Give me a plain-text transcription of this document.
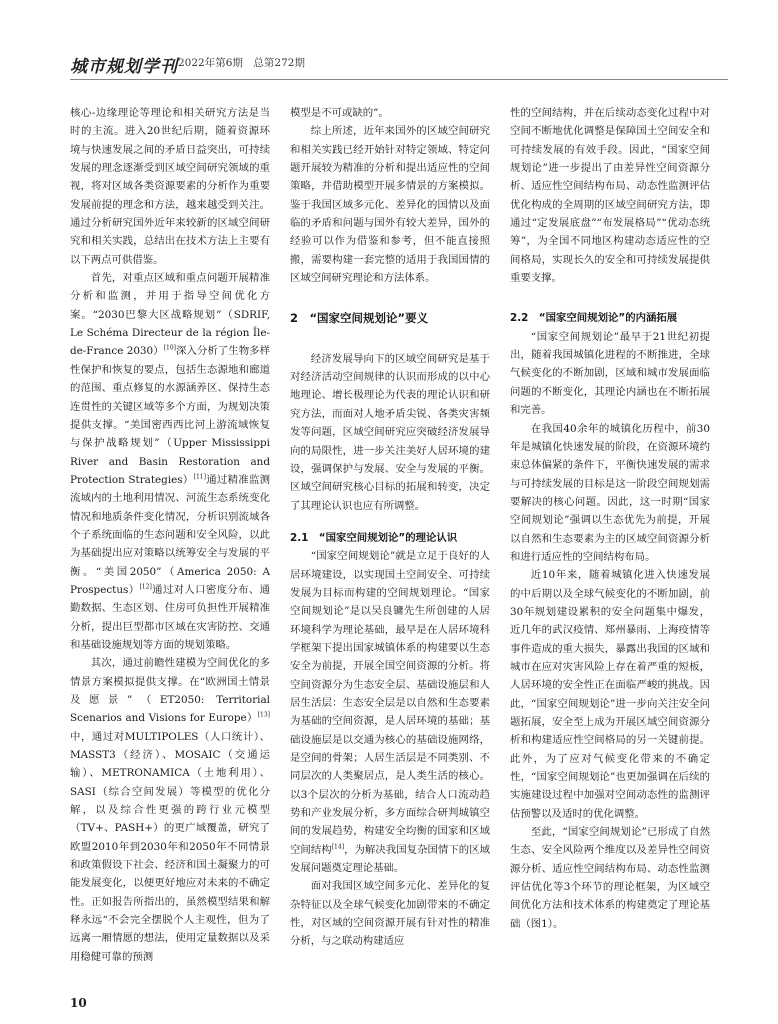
城市规划学刊 2022年第6期　总第272期

核心-边缘理论等理论和相关研究方法是当时的主流。进入20世纪后期，随着资源环境与快速发展之间的矛盾日益突出，可持续发展的理念逐渐受到区域空间研究领域的重视，将对区域各类资源要素的分析作为重要发展前提的理念和方法，越来越受到关注。通过分析研究国外近年来较新的区域空间研究和相关实践，总结出在技术方法上主要有以下两点可供借鉴。

首先，对重点区域和重点问题开展精准分析和监测，并用于指导空间优化方案。“2030巴黎大区战略规划”（SDRIF, Le Schéma Directeur de la région Île-de-France 2030）[10]深入分析了生物多样性保护和恢复的要点，包括生态源地和廊道的范围、重点修复的水源涵养区、保持生态连贯性的关键区域等多个方面，为规划决策提供支撑。“美国密西西比河上游流域恢复与保护战略规划”（Upper Mississippi River and Basin Restoration and Protection Strategies）[11]通过精准监测流域内的土地利用情况、河流生态系统变化情况和地质条件变化情况，分析识别流域各个子系统面临的生态问题和安全风险，以此为基础提出应对策略以统筹安全与发展的平衡。“美国2050”（America 2050: A Prospectus）[12]通过对人口密度分布、通勤数据、生态区划、住房可负担性开展精准分析，提出巨型都市区域在灾害防控、交通和基础设施规划等方面的规划策略。

其次，通过前瞻性建模为空间优化的多情景方案模拟提供支撑。在“欧洲国土情景及愿景”（ET2050: Territorial Scenarios and Visions for Europe）[13]中，通过对MULTIPOLES（人口统计）、MASST3（经济）、MOSAIC（交通运输）、METRONAMICA（土地利用）、SASI（综合空间发展）等模型的优化分解，以及综合性更强的跨行业元模型（TV+、PASH+）的更广域覆盖，研究了欧盟2010年到2030年和2050年不同情景和政策假设下社会、经济和国土凝聚力的可能发展变化，以便更好地应对未来的不确定性。正如报告所指出的，虽然模型结果和解释永远“不会完全摆脱个人主观性，但为了远离一厢情愿的想法，使用定量数据以及采用稳健可靠的预测

模型是不可或缺的”。

综上所述，近年来国外的区域空间研究和相关实践已经开始针对特定领域、特定问题开展较为精准的分析和提出适应性的空间策略，并借助模型开展多情景的方案模拟。鉴于我国区域多元化、差异化的国情以及面临的矛盾和问题与国外有较大差异，国外的经验可以作为借鉴和参考，但不能直接照搬，需要构建一套完整的适用于我国国情的区域空间研究理论和方法体系。

2　“国家空间规划论”要义

经济发展导向下的区域空间研究是基于对经济活动空间规律的认识而形成的以中心地理论、增长极理论为代表的理论认识和研究方法，而面对人地矛盾尖锐、各类灾害频发等问题，区域空间研究应突破经济发展导向的局限性，进一步关注美好人居环境的建设，强调保护与发展、安全与发展的平衡。区域空间研究核心目标的拓展和转变，决定了其理论认识也应有所调整。

2.1　“国家空间规划论”的理论认识

“国家空间规划论”就是立足于良好的人居环境建设，以实现国土空间安全、可持续发展为目标而构建的空间规划理论。“国家空间规划论”是以吴良镛先生所创建的人居环境科学为理论基础，最早是在人居环境科学框架下提出国家城镇体系的构建要以生态安全为前提，开展全国空间资源的分析。将空间资源分为生态安全层、基础设施层和人居生活层：生态安全层是以自然和生态要素为基础的空间资源，是人居环境的基础；基础设施层是以交通为核心的基础设施网络，是空间的骨架；人居生活层是不同类别、不同层次的人类聚居点，是人类生活的核心。以3个层次的分析为基础，结合人口流动趋势和产业发展分析，多方面综合研判城镇空间的发展趋势，构建安全均衡的国家和区域空间结构[14]，为解决我国复杂国情下的区域发展问题奠定理论基础。

面对我国区域空间多元化、差异化的复杂特征以及全球气候变化加剧带来的不确定性，对区域的空间资源开展有针对性的精准分析，与之联动构建适应

性的空间结构，并在后续动态变化过程中对空间不断地优化调整是保障国土空间安全和可持续发展的有效手段。因此，“国家空间规划论”进一步提出了由差异性空间资源分析、适应性空间结构布局、动态性监测评估优化构成的全周期的区域空间研究方法，即通过“定发展底盘”“布发展格局”“优动态统筹”，为全国不同地区构建动态适应性的空间格局，实现长久的安全和可持续发展提供重要支撑。

2.2　“国家空间规划论”的内涵拓展

“国家空间规划论”最早于21世纪初提出，随着我国城镇化进程的不断推进，全球气候变化的不断加剧，区域和城市发展面临问题的不断变化，其理论内涵也在不断拓展和完善。

在我国40余年的城镇化历程中，前30年是城镇化快速发展的阶段，在资源环境约束总体偏紧的条件下，平衡快速发展的需求与可持续发展的目标是这一阶段空间规划需要解决的核心问题。因此，这一时期“国家空间规划论”强调以生态优先为前提，开展以自然和生态要素为主的区域空间资源分析和进行适应性的空间结构布局。

近10年来，随着城镇化进入快速发展的中后期以及全球气候变化的不断加剧，前30年规划建设累积的安全问题集中爆发，近几年的武汉疫情、郑州暴雨、上海疫情等事件造成的重大损失，暴露出我国的区域和城市在应对灾害风险上存在着严重的短板，人居环境的安全性正在面临严峻的挑战。因此，“国家空间规划论”进一步向关注安全问题拓展，安全至上成为开展区域空间资源分析和构建适应性空间格局的另一关键前提。此外，为了应对气候变化带来的不确定性，“国家空间规划论”也更加强调在后续的实施建设过程中加强对空间动态性的监测评估预警以及适时的优化调整。

至此，“国家空间规划论”已形成了自然生态、安全风险两个维度以及差异性空间资源分析、适应性空间结构布局、动态性监测评估优化等3个环节的理论框架，为区域空间优化方法和技术体系的构建奠定了理论基础（图1）。

10
